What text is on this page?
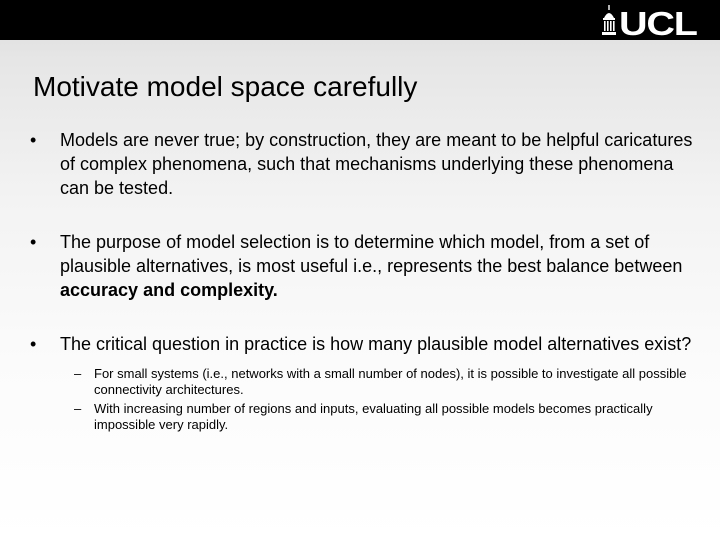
UCL
Motivate model space carefully
•	Models are never true; by construction, they are meant to be helpful caricatures of complex phenomena, such that mechanisms underlying these phenomena can be tested.
•	The purpose of model selection is to determine which model, from a set of plausible alternatives, is most useful i.e., represents the best balance between accuracy and complexity.
•	The critical question in practice is how many plausible model alternatives exist?
– For small systems (i.e., networks with a small number of nodes), it is possible to investigate all possible connectivity architectures.
– With increasing number of regions and inputs, evaluating all possible models becomes practically impossible very rapidly.
